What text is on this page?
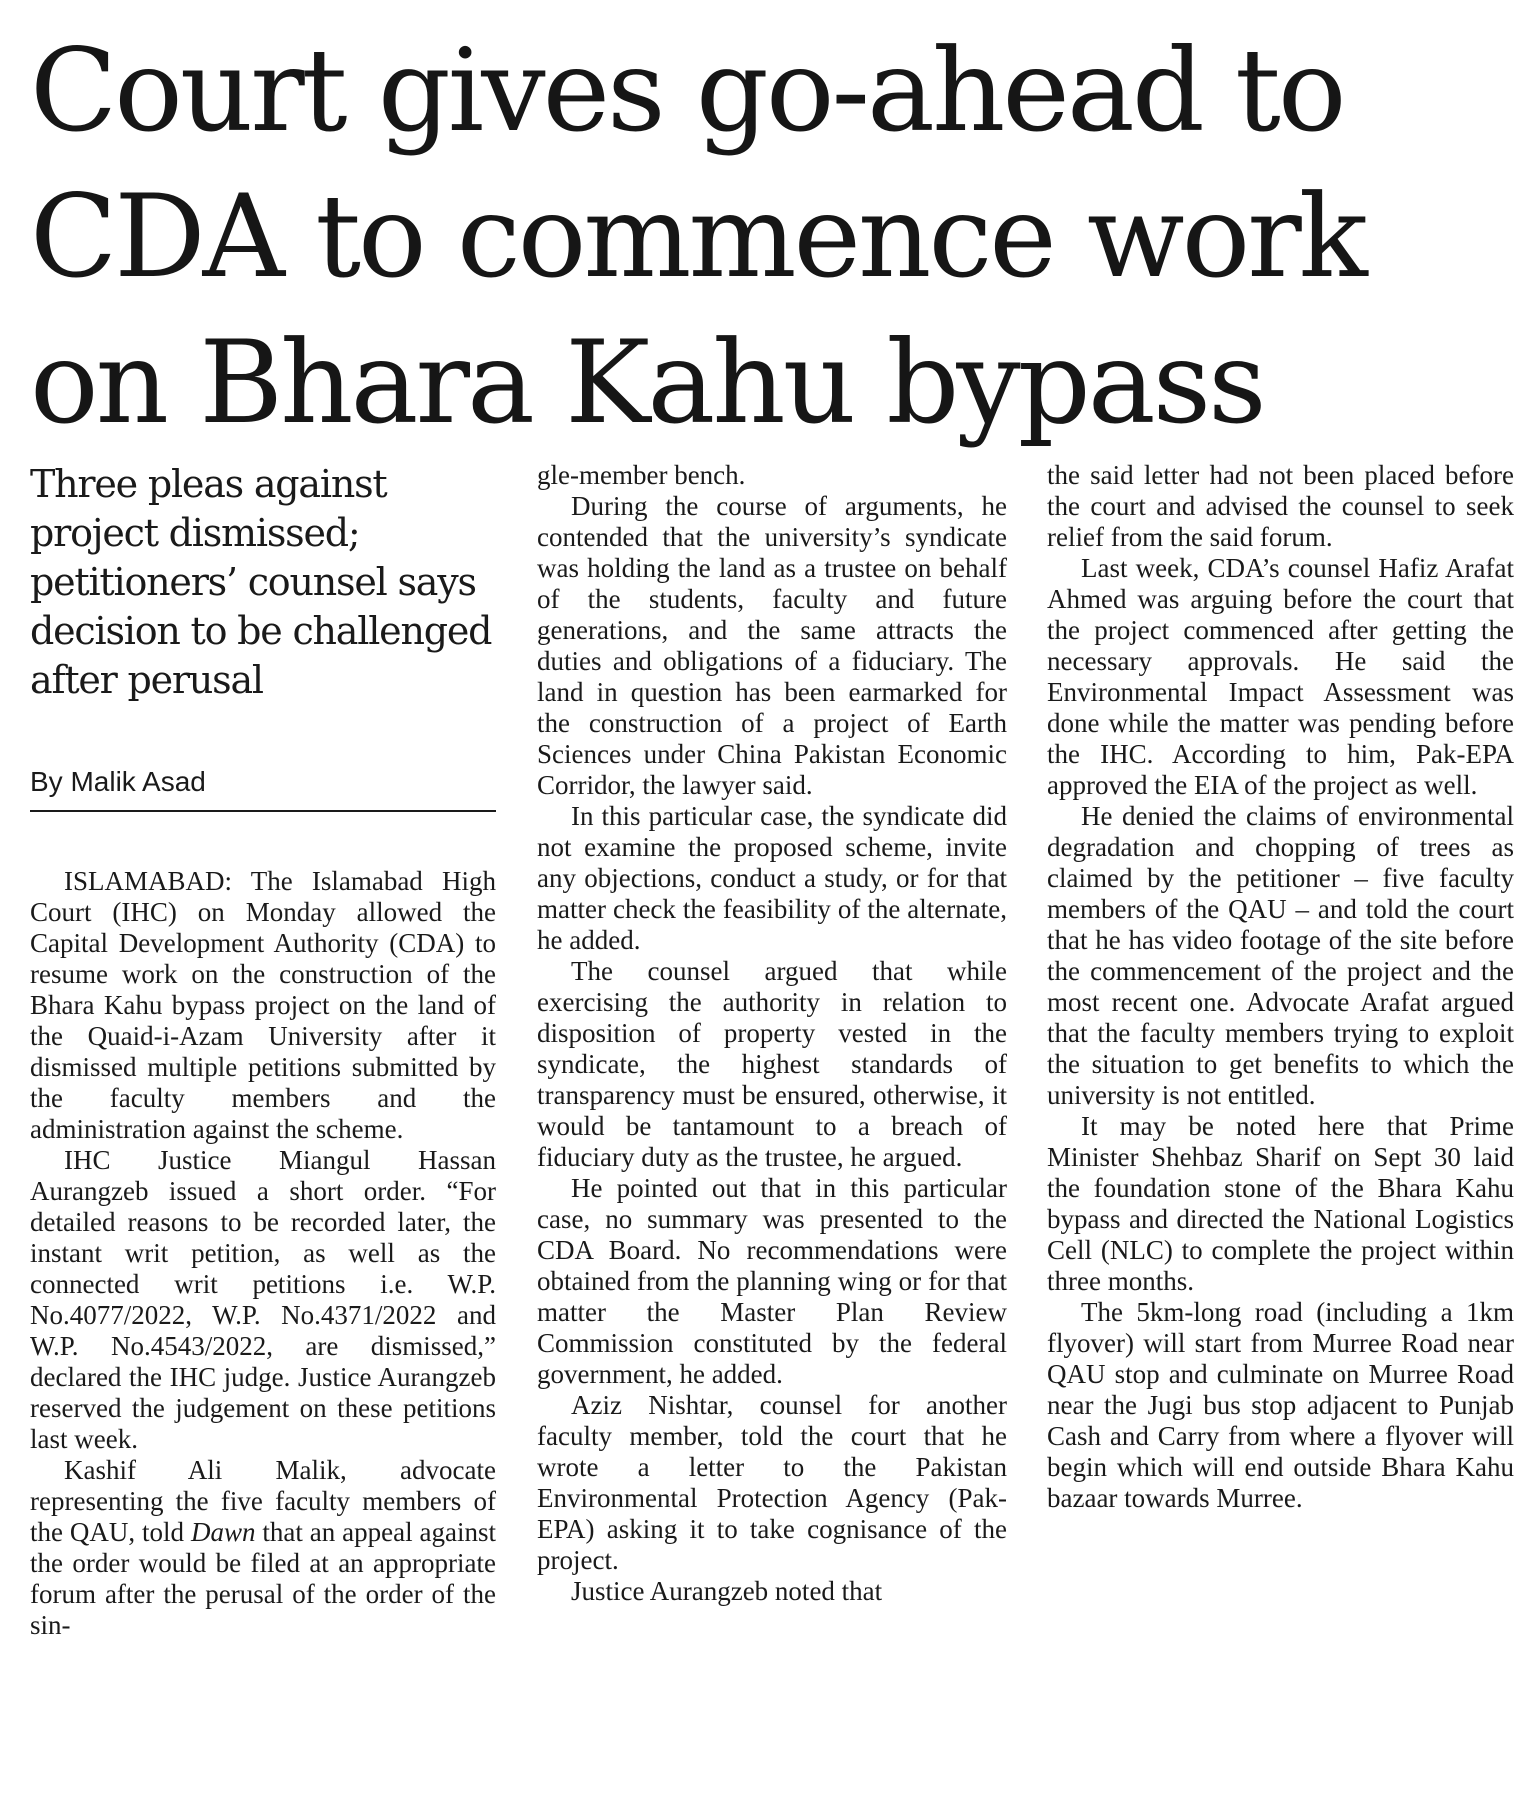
Court gives go-ahead to
CDA to commence work
on Bhara Kahu bypass
Three pleas against project dismissed; petitioners’ counsel says decision to be challenged after perusal
By Malik Asad

ISLAMABAD: The Islamabad High Court (IHC) on Monday allowed the Capital Development Authority (CDA) to resume work on the construction of the Bhara Kahu bypass project on the land of the Quaid-i-Azam University after it dismissed multiple petitions submitted by the faculty members and the administration against the scheme.

IHC Justice Miangul Hassan Aurangzeb issued a short order. “For detailed reasons to be recorded later, the instant writ petition, as well as the connected writ petitions i.e. W.P. No.4077/2022, W.P. No.4371/2022 and W.P. No.4543/2022, are dismissed,” declared the IHC judge. Justice Aurangzeb reserved the judgement on these petitions last week.

Kashif Ali Malik, advocate representing the five faculty members of the QAU, told Dawn that an appeal against the order would be filed at an appropriate forum after the perusal of the order of the sin-

gle-member bench.

During the course of arguments, he contended that the university’s syndicate was holding the land as a trustee on behalf of the students, faculty and future generations, and the same attracts the duties and obligations of a fiduciary. The land in question has been earmarked for the construction of a project of Earth Sciences under China Pakistan Economic Corridor, the lawyer said.

In this particular case, the syndicate did not examine the proposed scheme, invite any objections, conduct a study, or for that matter check the feasibility of the alternate, he added.

The counsel argued that while exercising the authority in relation to disposition of property vested in the syndicate, the highest standards of transparency must be ensured, otherwise, it would be tantamount to a breach of fiduciary duty as the trustee, he argued.

He pointed out that in this particular case, no summary was presented to the CDA Board. No recommendations were obtained from the planning wing or for that matter the Master Plan Review Commission constituted by the federal government, he added.

Aziz Nishtar, counsel for another faculty member, told the court that he wrote a letter to the Pakistan Environmental Protection Agency (Pak-EPA) asking it to take cognisance of the project.

Justice Aurangzeb noted that

the said letter had not been placed before the court and advised the counsel to seek relief from the said forum.

Last week, CDA’s counsel Hafiz Arafat Ahmed was arguing before the court that the project commenced after getting the necessary approvals. He said the Environmental Impact Assessment was done while the matter was pending before the IHC. According to him, Pak-EPA approved the EIA of the project as well.

He denied the claims of environmental degradation and chopping of trees as claimed by the petitioner – five faculty members of the QAU – and told the court that he has video footage of the site before the commencement of the project and the most recent one. Advocate Arafat argued that the faculty members trying to exploit the situation to get benefits to which the university is not entitled.

It may be noted here that Prime Minister Shehbaz Sharif on Sept 30 laid the foundation stone of the Bhara Kahu bypass and directed the National Logistics Cell (NLC) to complete the project within three months.

The 5km-long road (including a 1km flyover) will start from Murree Road near QAU stop and culminate on Murree Road near the Jugi bus stop adjacent to Punjab Cash and Carry from where a flyover will begin which will end outside Bhara Kahu bazaar towards Murree.
